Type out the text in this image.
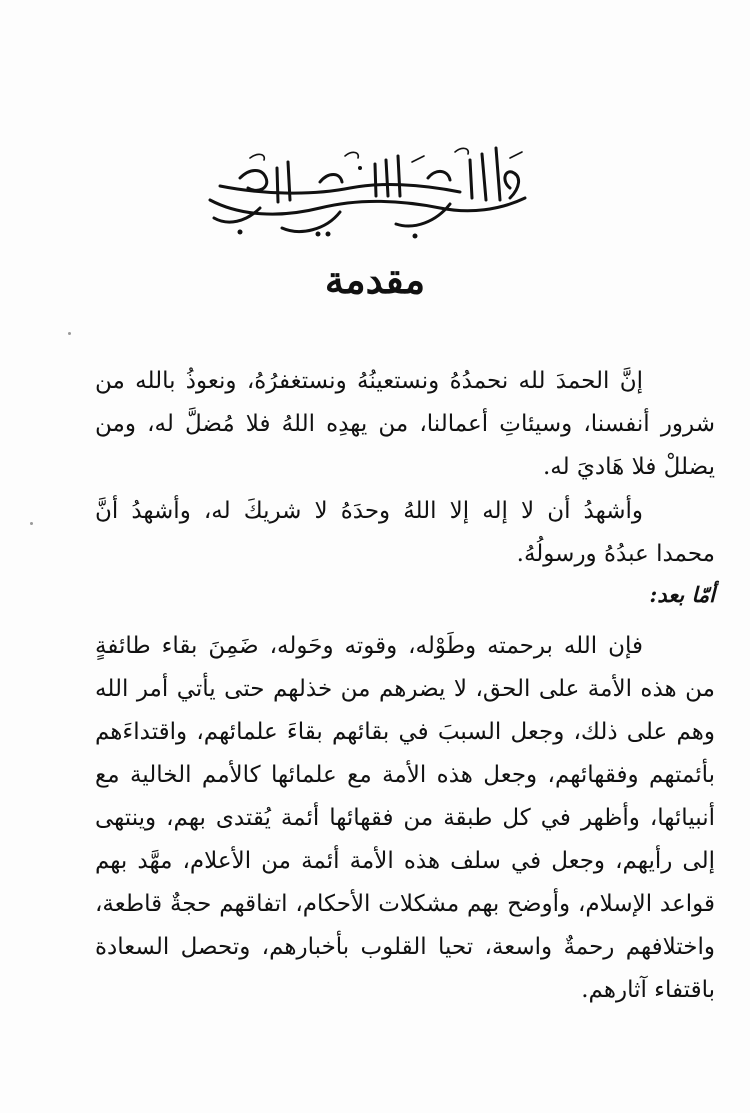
مقدمة
إنَّ الحمدَ لله نحمدُهُ ونستعينُهُ ونستغفرُهُ، ونعوذُ بالله من شرور أنفسنا، وسيئاتِ أعمالنا، من يهدِه اللهُ فلا مُضلَّ له، ومن يضللْ فلا هَاديَ له.
وأشهدُ أن لا إله إلا اللهُ وحدَهُ لا شريكَ له، وأشهدُ أنَّ محمدا عبدُهُ ورسولُهُ.
أمّا بعد:
فإن الله برحمته وطَوْله، وقوته وحَوله، ضَمِنَ بقاء طائفةٍ من هذه الأمة على الحق، لا يضرهم من خذلهم حتى يأتي أمر الله وهم على ذلك، وجعل السببَ في بقائهم بقاءَ علمائهم، واقتداءَهم بأئمتهم وفقهائهم، وجعل هذه الأمة مع علمائها كالأمم الخالية مع أنبيائها، وأظهر في كل طبقة من فقهائها أئمة يُقتدى بهم، وينتهى إلى رأيهم، وجعل في سلف هذه الأمة أئمة من الأعلام، مهَّد بهم قواعد الإسلام، وأوضح بهم مشكلات الأحكام، اتفاقهم حجةٌ قاطعة، واختلافهم رحمةٌ واسعة، تحيا القلوب بأخبارهم، وتحصل السعادة باقتفاء آثارهم.
